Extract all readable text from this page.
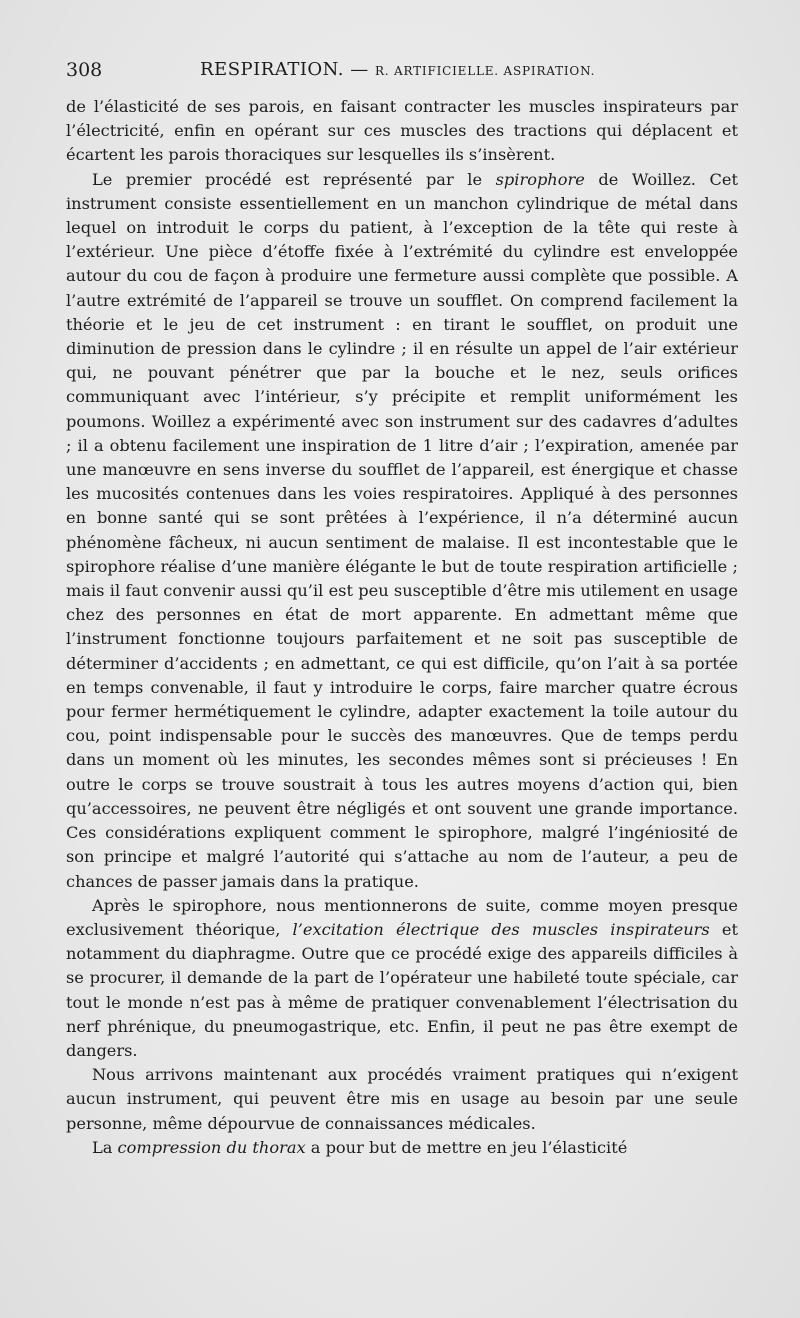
308	RESPIRATION. — R. ARTIFICIELLE. ASPIRATION.

de l’élasticité de ses parois, en faisant contracter les muscles inspirateurs par l’électricité, enfin en opérant sur ces muscles des tractions qui déplacent et écartent les parois thoraciques sur lesquelles ils s’insèrent.

Le premier procédé est représenté par le spirophore de Woillez. Cet instrument consiste essentiellement en un manchon cylindrique de métal dans lequel on introduit le corps du patient, à l’exception de la tête qui reste à l’extérieur. Une pièce d’étoffe fixée à l’extrémité du cylindre est enveloppée autour du cou de façon à produire une fermeture aussi complète que possible. A l’autre extrémité de l’appareil se trouve un soufflet. On comprend facilement la théorie et le jeu de cet instrument : en tirant le soufflet, on produit une diminution de pression dans le cylindre ; il en résulte un appel de l’air extérieur qui, ne pouvant pénétrer que par la bouche et le nez, seuls orifices communiquant avec l’intérieur, s’y précipite et remplit uniformément les poumons. Woillez a expérimenté avec son instrument sur des cadavres d’adultes ; il a obtenu facilement une inspiration de 1 litre d’air ; l’expiration, amenée par une manœuvre en sens inverse du soufflet de l’appareil, est énergique et chasse les mucosités contenues dans les voies respiratoires. Appliqué à des personnes en bonne santé qui se sont prêtées à l’expérience, il n’a déterminé aucun phénomène fâcheux, ni aucun sentiment de malaise. Il est incontestable que le spirophore réalise d’une manière élégante le but de toute respiration artificielle ; mais il faut convenir aussi qu’il est peu susceptible d’être mis utilement en usage chez des personnes en état de mort apparente. En admettant même que l’instrument fonctionne toujours parfaitement et ne soit pas susceptible de déterminer d’accidents ; en admettant, ce qui est difficile, qu’on l’ait à sa portée en temps convenable, il faut y introduire le corps, faire marcher quatre écrous pour fermer hermétiquement le cylindre, adapter exactement la toile autour du cou, point indispensable pour le succès des manœuvres. Que de temps perdu dans un moment où les minutes, les secondes mêmes sont si précieuses ! En outre le corps se trouve soustrait à tous les autres moyens d’action qui, bien qu’accessoires, ne peuvent être négligés et ont souvent une grande importance. Ces considérations expliquent comment le spirophore, malgré l’ingéniosité de son principe et malgré l’autorité qui s’attache au nom de l’auteur, a peu de chances de passer jamais dans la pratique.

Après le spirophore, nous mentionnerons de suite, comme moyen presque exclusivement théorique, l’excitation électrique des muscles inspirateurs et notamment du diaphragme. Outre que ce procédé exige des appareils difficiles à se procurer, il demande de la part de l’opérateur une habileté toute spéciale, car tout le monde n’est pas à même de pratiquer convenablement l’électrisation du nerf phrénique, du pneumogastrique, etc. Enfin, il peut ne pas être exempt de dangers.

Nous arrivons maintenant aux procédés vraiment pratiques qui n’exigent aucun instrument, qui peuvent être mis en usage au besoin par une seule personne, même dépourvue de connaissances médicales.

La compression du thorax a pour but de mettre en jeu l’élasticité
